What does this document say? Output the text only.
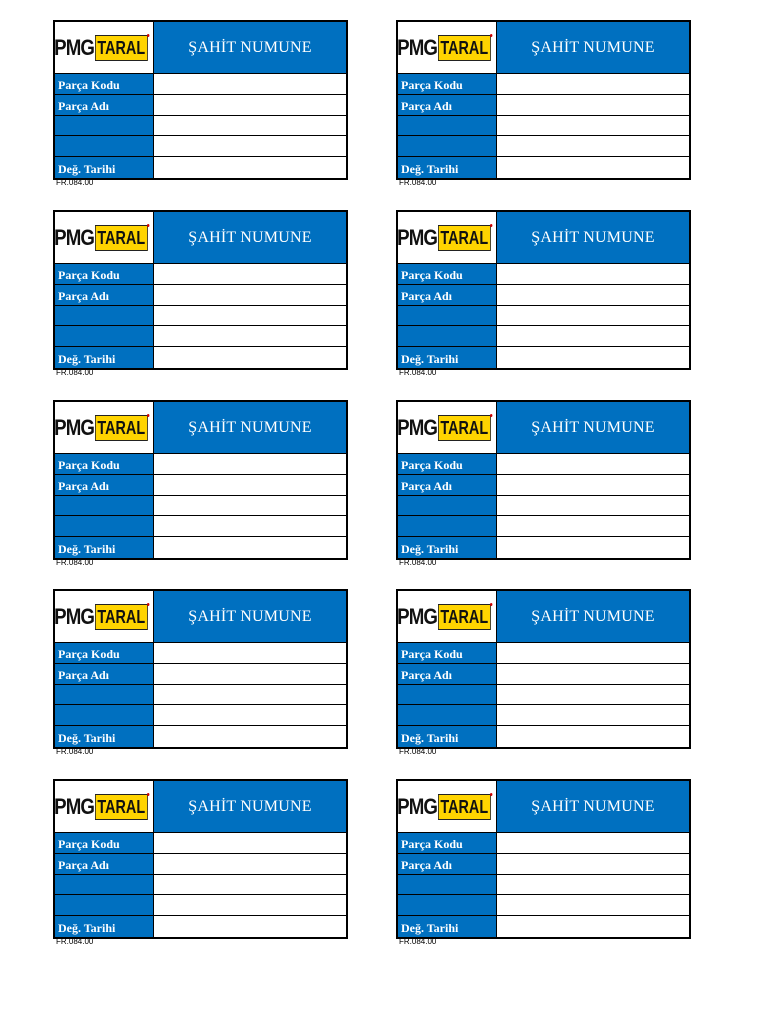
PMG TARAL	ŞAHİT NUMUNE
Parça Kodu
Parça Adı
Değ. Tarihi
FR.084.00
PMG TARAL	ŞAHİT NUMUNE
Parça Kodu
Parça Adı
Değ. Tarihi
FR.084.00
PMG TARAL	ŞAHİT NUMUNE
Parça Kodu
Parça Adı
Değ. Tarihi
FR.084.00
PMG TARAL	ŞAHİT NUMUNE
Parça Kodu
Parça Adı
Değ. Tarihi
FR.084.00
PMG TARAL	ŞAHİT NUMUNE
Parça Kodu
Parça Adı
Değ. Tarihi
FR.084.00
PMG TARAL	ŞAHİT NUMUNE
Parça Kodu
Parça Adı
Değ. Tarihi
FR.084.00
PMG TARAL	ŞAHİT NUMUNE
Parça Kodu
Parça Adı
Değ. Tarihi
FR.084.00
PMG TARAL	ŞAHİT NUMUNE
Parça Kodu
Parça Adı
Değ. Tarihi
FR.084.00
PMG TARAL	ŞAHİT NUMUNE
Parça Kodu
Parça Adı
Değ. Tarihi
FR.084.00
PMG TARAL	ŞAHİT NUMUNE
Parça Kodu
Parça Adı
Değ. Tarihi
FR.084.00
